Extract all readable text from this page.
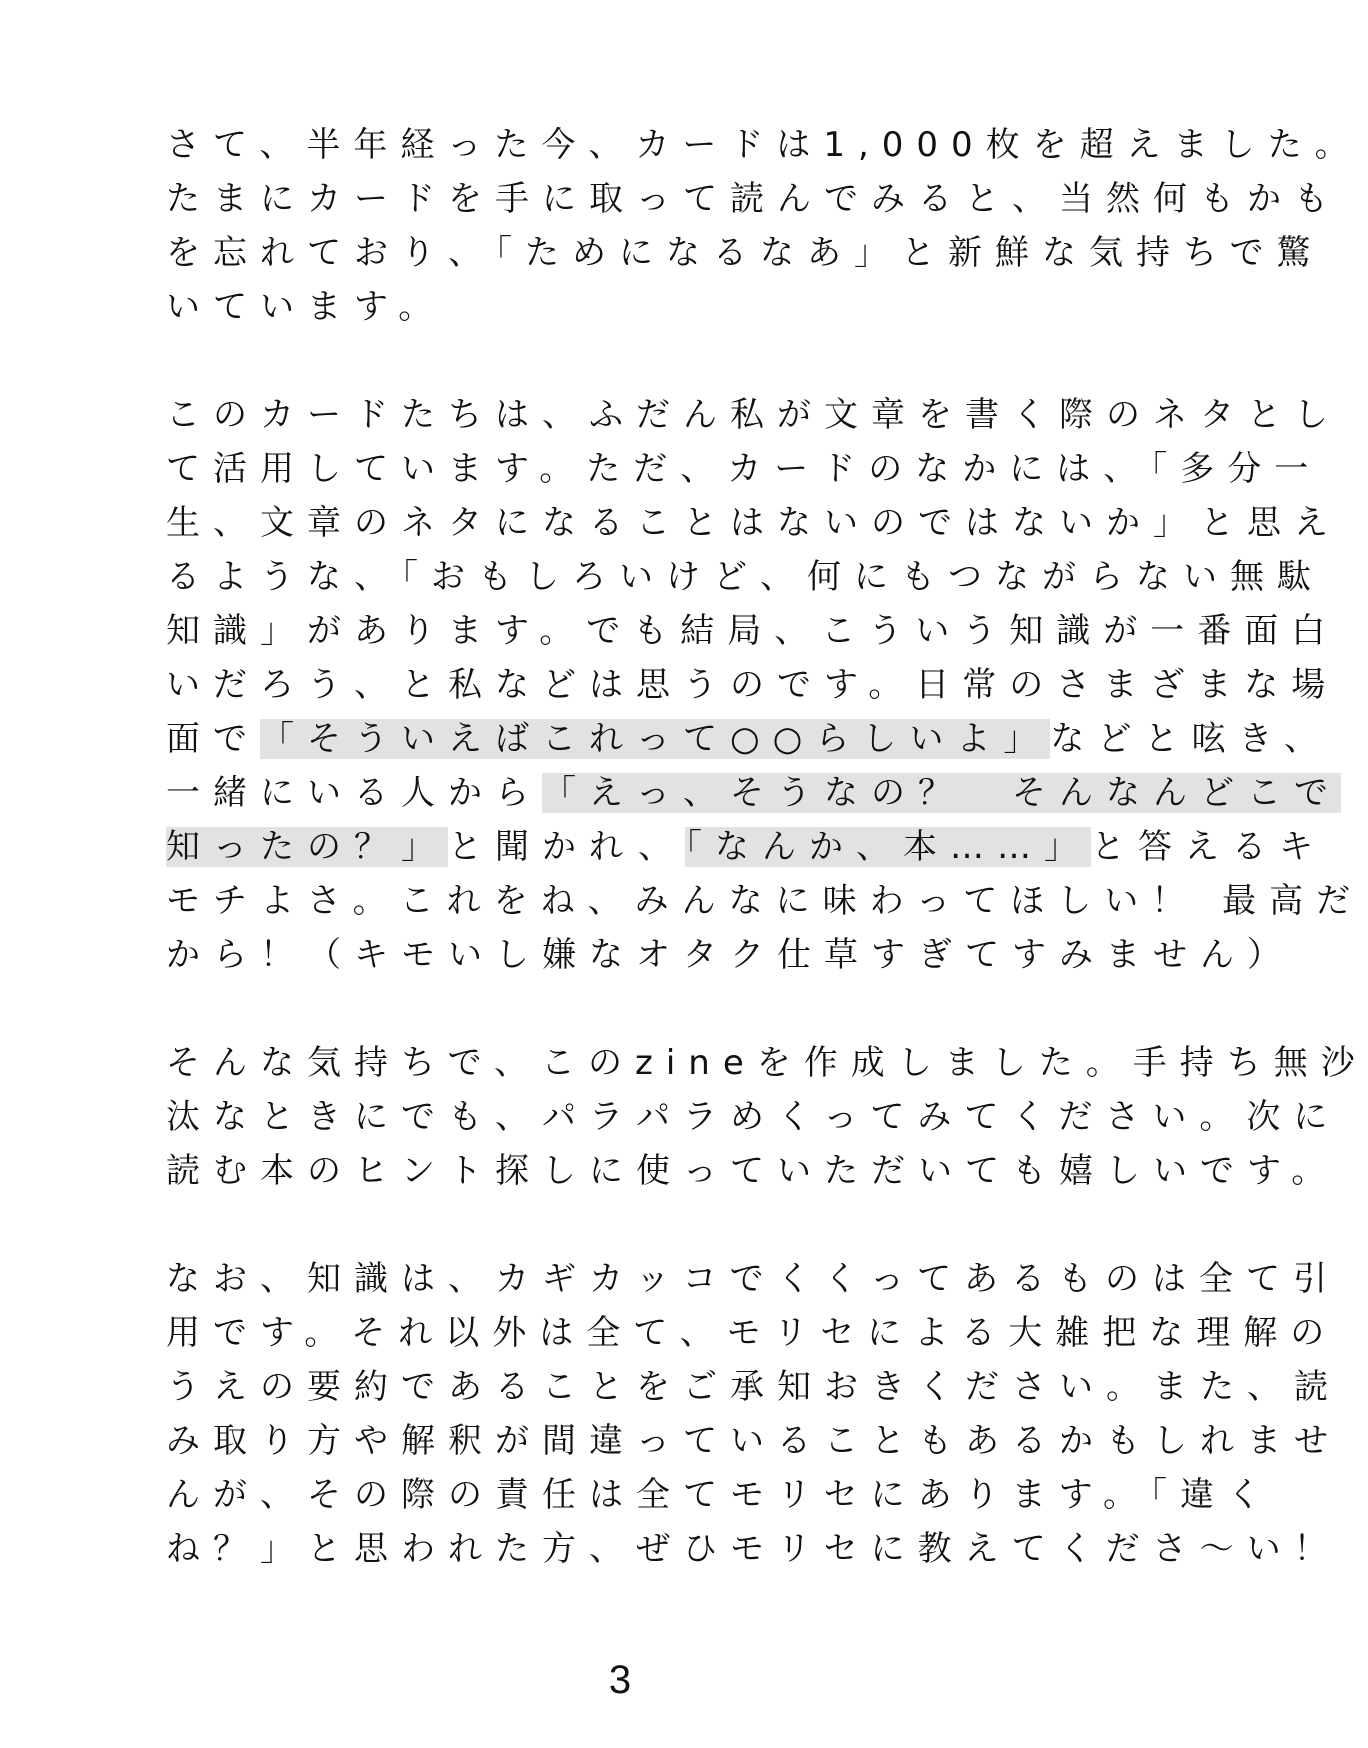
さて、半年経った今、カードは1,000枚を超えました。
たまにカードを手に取って読んでみると、当然何もかも
を忘れており、「ためになるなあ」と新鮮な気持ちで驚
いています。
このカードたちは、ふだん私が文章を書く際のネタとし
て活用しています。ただ、カードのなかには、「多分一
生、文章のネタになることはないのではないか」と思え
るような、「おもしろいけど、何にもつながらない無駄
知識」があります。でも結局、こういう知識が一番面白
いだろう、と私などは思うのです。日常のさまざまな場
面で「そういえばこれって○○らしいよ」などと呟き、
一緒にいる人から「えっ、そうなの？　そんなんどこで
知ったの？」と聞かれ、「なんか、本……」と答えるキ
モチよさ。これをね、みんなに味わってほしい！ 最高だ
から！（キモいし嫌なオタク仕草すぎてすみません）
そんな気持ちで、このzineを作成しました。手持ち無沙
汰なときにでも、パラパラめくってみてください。次に
読む本のヒント探しに使っていただいても嬉しいです。
なお、知識は、カギカッコでくくってあるものは全て引
用です。それ以外は全て、モリセによる大雑把な理解の
うえの要約であることをご承知おきください。また、読
み取り方や解釈が間違っていることもあるかもしれませ
んが、その際の責任は全てモリセにあります。「違く
ね？」と思われた方、ぜひモリセに教えてくださ〜い！
3
